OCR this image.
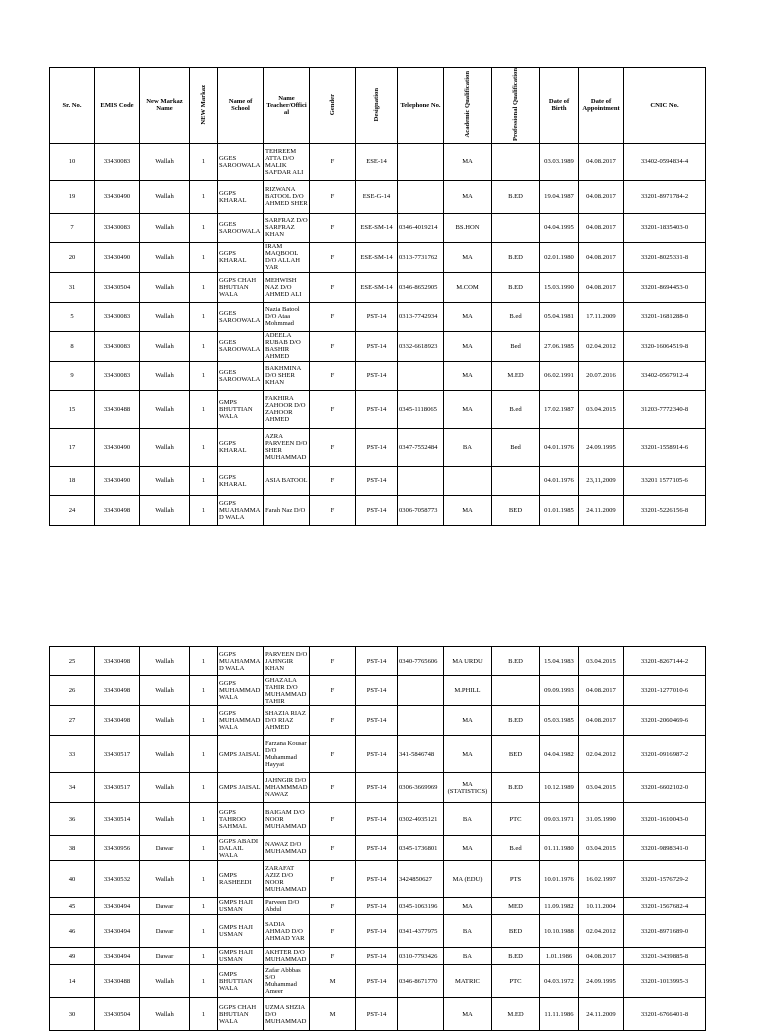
Sr. No.	EMIS Code	New Markaz Name	NEW Markaz	Name of School	Name Teacher/Official	Gender	Designation	Telephone No.	Academic Qualification	Professional Qualification	Date of Birth	Date of Appointment	CNIC No.
10	33430083	Wallah	1	GGES SAROOWALA	TEHREEM ATTA D/O MALIK SAFDAR ALI	F	ESE-14		MA		03.03.1989	04.08.2017	33402-0594834-4
19	33430490	Wallah	1	GGPS KHARAL	RIZWANA BATOOL D/O AHMED SHER	F	ESE-G-14		MA	B.ED	19.04.1987	04.08.2017	33201-8971784-2
7	33430083	Wallah	1	GGES SAROOWALA	SARFRAZ D/O SARFRAZ KHAN	F	ESE-SM-14	0346-4019214	BS.HON		04.04.1995	04.08.2017	33201-1835403-0
20	33430490	Wallah	1	GGPS KHARAL	IRAM MAQBOOL D/O ALLAH YAR	F	ESE-SM-14	0313-7731762	MA	B.ED	02.01.1980	04.08.2017	33201-8025331-8
31	33430504	Wallah	1	GGPS CHAH BHUTIAN WALA	MEHWISH NAZ D/O AHMED ALI	F	ESE-SM-14	0346-8652905	M.COM	B.ED	15.03.1990	04.08.2017	33201-8694453-0
5	33430083	Wallah	1	GGES SAROOWALA	Nazia Batool D/O Ataa Mohmmad	F	PST-14	0313-7742934	MA	B.ed	05.04.1981	17.11.2009	33201-1681288-0
8	33430083	Wallah	1	GGES SAROOWALA	ADEELA RUBAB D/O BASHIR AHMED	F	PST-14	0332-6618923	MA	Bed	27.06.1985	02.04.2012	3320-16064519-8
9	33430083	Wallah	1	GGES SAROOWALA	BAKHMINA D/O SHER KHAN	F	PST-14		MA	M.ED	06.02.1991	20.07.2016	33402-0567912-4
15	33430488	Wallah	1	GMPS BHUTTIAN WALA	FAKHIRA ZAHOOR D/O ZAHOOR AHMED	F	PST-14	0345-1118065	MA	B.ed	17.02.1987	03.04.2015	31203-7772340-8
17	33430490	Wallah	1	GGPS KHARAL	AZRA PARVEEN D/O SHER MUHAMMAD	F	PST-14	0347-7552484	BA	Bed	04.01.1976	24.09.1995	33201-1558914-6
18	33430490	Wallah	1	GGPS KHARAL	ASIA BATOOL	F	PST-14				04.01.1976	23,11,2009	33201 1577105-6
24	33430498	Wallah	1	GGPS MUAHAMMAD WALA	Farah Naz D/O	F	PST-14	0306-7058773	MA	BED	01.01.1985	24.11.2009	33201-5226156-8
25	33430498	Wallah	1	GGPS MUAHAMMAD WALA	PARVEEN D/O JAHNGIR KHAN	F	PST-14	0340-7765606	MA URDU	B.ED	15.04.1983	03.04.2015	33201-8267144-2
26	33430498	Wallah	1	GGPS MUHAMMAD WALA	GHAZALA TAHIR D/O MUHAMMAD TAHIR	F	PST-14		M.PHILL		09.09.1993	04.08.2017	33201-1277010-6
27	33430498	Wallah	1	GGPS MUHAMMAD WALA	SHAZIA RIAZ D/O RIAZ AHMED	F	PST-14		MA	B.ED	05.03.1985	04.08.2017	33201-2060469-6
33	33430517	Wallah	1	GMPS JAISAL	Farzana Kousar D/O Muhammad Hayyat	F	PST-14	341-5846748	MA	BED	04.04.1982	02.04.2012	33201-0916987-2
34	33430517	Wallah	1	GMPS JAISAL	JAHNGIR D/O MHAMMMAD NAWAZ	F	PST-14	0306-3669969	MA (STATISTICS)	B.ED	10.12.1989	03.04.2015	33201-6602102-0
36	33430514	Wallah	1	GGPS TAHROO SAHMAL	BAIGAM D/O NOOR MUHAMMAD	F	PST-14	0302-4935121	BA	PTC	09.03.1971	31.05.1990	33201-1610043-0
38	33430956	Dawar	1	GGPS ABADI DALAIL WALA	NAWAZ D/O MUHAMMAD	F	PST-14	0345-1736801	MA	B.ed	01.11.1980	03.04.2015	33201-9898341-0
40	33430532	Wallah	1	GMPS RASHEEDI	ZARAFAT AZIZ D/O NOOR MUHAMMAD	F	PST-14	3424850627	MA (EDU)	PTS	10.01.1976	16.02.1997	33201-1576729-2
45	33430494	Dawar	1	GMPS HAJI USMAN	Parveen D/O Abdul	F	PST-14	0345-1063196	MA	MED	11.09.1982	10.11.2004	33201-1567682-4
46	33430494	Dawar	1	GMPS HAJI USMAN	SADIA AHMAD D/O AHMAD YAR	F	PST-14	0341-4377975	BA	BED	10.10.1988	02.04.2012	33201-8971689-0
49	33430494	Dawar	1	GMPS HAJI USMAN	AKHTER D/O MUHAMMAD	F	PST-14	0310-7793426	BA	B.ED	1.01.1986	04.08.2017	33201-3439885-8
14	33430488	Wallah	1	GMPS BHUTTIAN WALA	Zafar Abbbas S/O Muhammad Ameer	M	PST-14	0346-8671770	MATRIC	PTC	04.03.1972	24.09.1995	33201-1013995-3
30	33430504	Wallah	1	GGPS CHAH BHUTIAN WALA	UZMA SHZIA D/O MUHAMMAD	M	PST-14		MA	M.ED	11.11.1986	24.11.2009	33201-6766401-8
